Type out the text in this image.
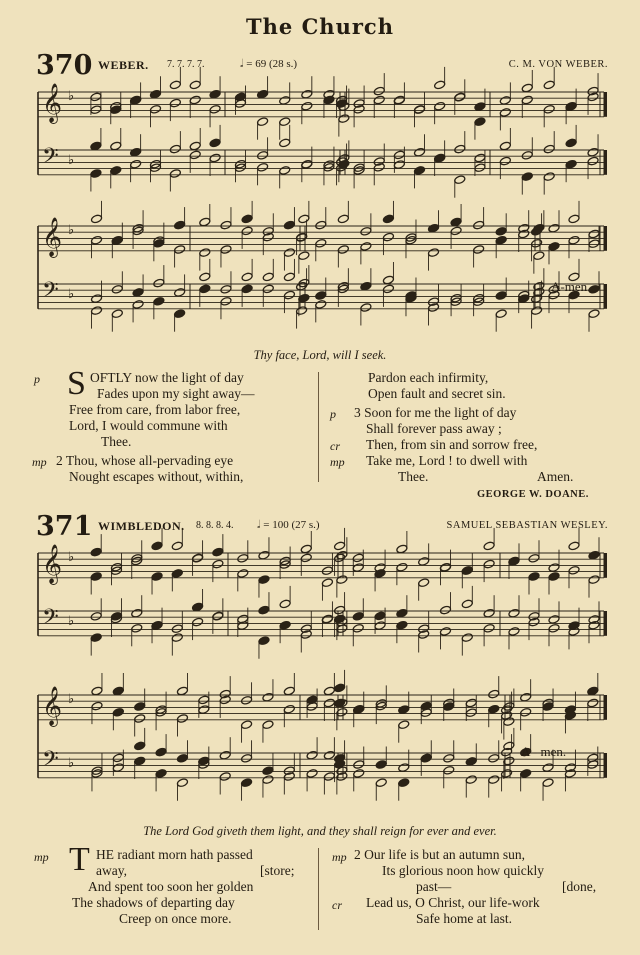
The Church
370 WEBER. 7. 7. 7. 7.	𝅗𝅥 = 69 (28 s.)	C. M. VON WEBER.
𝄞 ♭
𝄢 ♭
𝄞 ♭
𝄢 ♭
A-men.
Thy face, Lord, will I seek.
S
p	OFTLY now the light of day
Fades upon my sight away—
Free from care, from labor free,
Lord, I would commune with
Thee.
mp 2 Thou, whose all-pervading eye
Nought escapes without, within,
Pardon each infirmity,
Open fault and secret sin.
p 3 Soon for me the light of day
Shall forever pass away ;
cr Then, from sin and sorrow free,
mp Take me, Lord ! to dwell with
Thee.	Amen.
GEORGE W. DOANE.
371 WIMBLEDON. 8. 8. 8. 4. 𝅗𝅥 = 100 (27 s.)	SAMUEL SEBASTIAN WESLEY.
𝄞 ♭
𝄢 ♭
𝄞 ♭
𝄢 ♭
A - men.
The Lord God giveth them light, and they shall reign for ever and ever.
T
mp	HE radiant morn hath passed
away,	[store;
And spent too soon her golden
The shadows of departing day
Creep on once more.
mp 2 Our life is but an autumn sun,
Its glorious noon how quickly
past—	[done,
cr Lead us, O Christ, our life-work
Safe home at last.
